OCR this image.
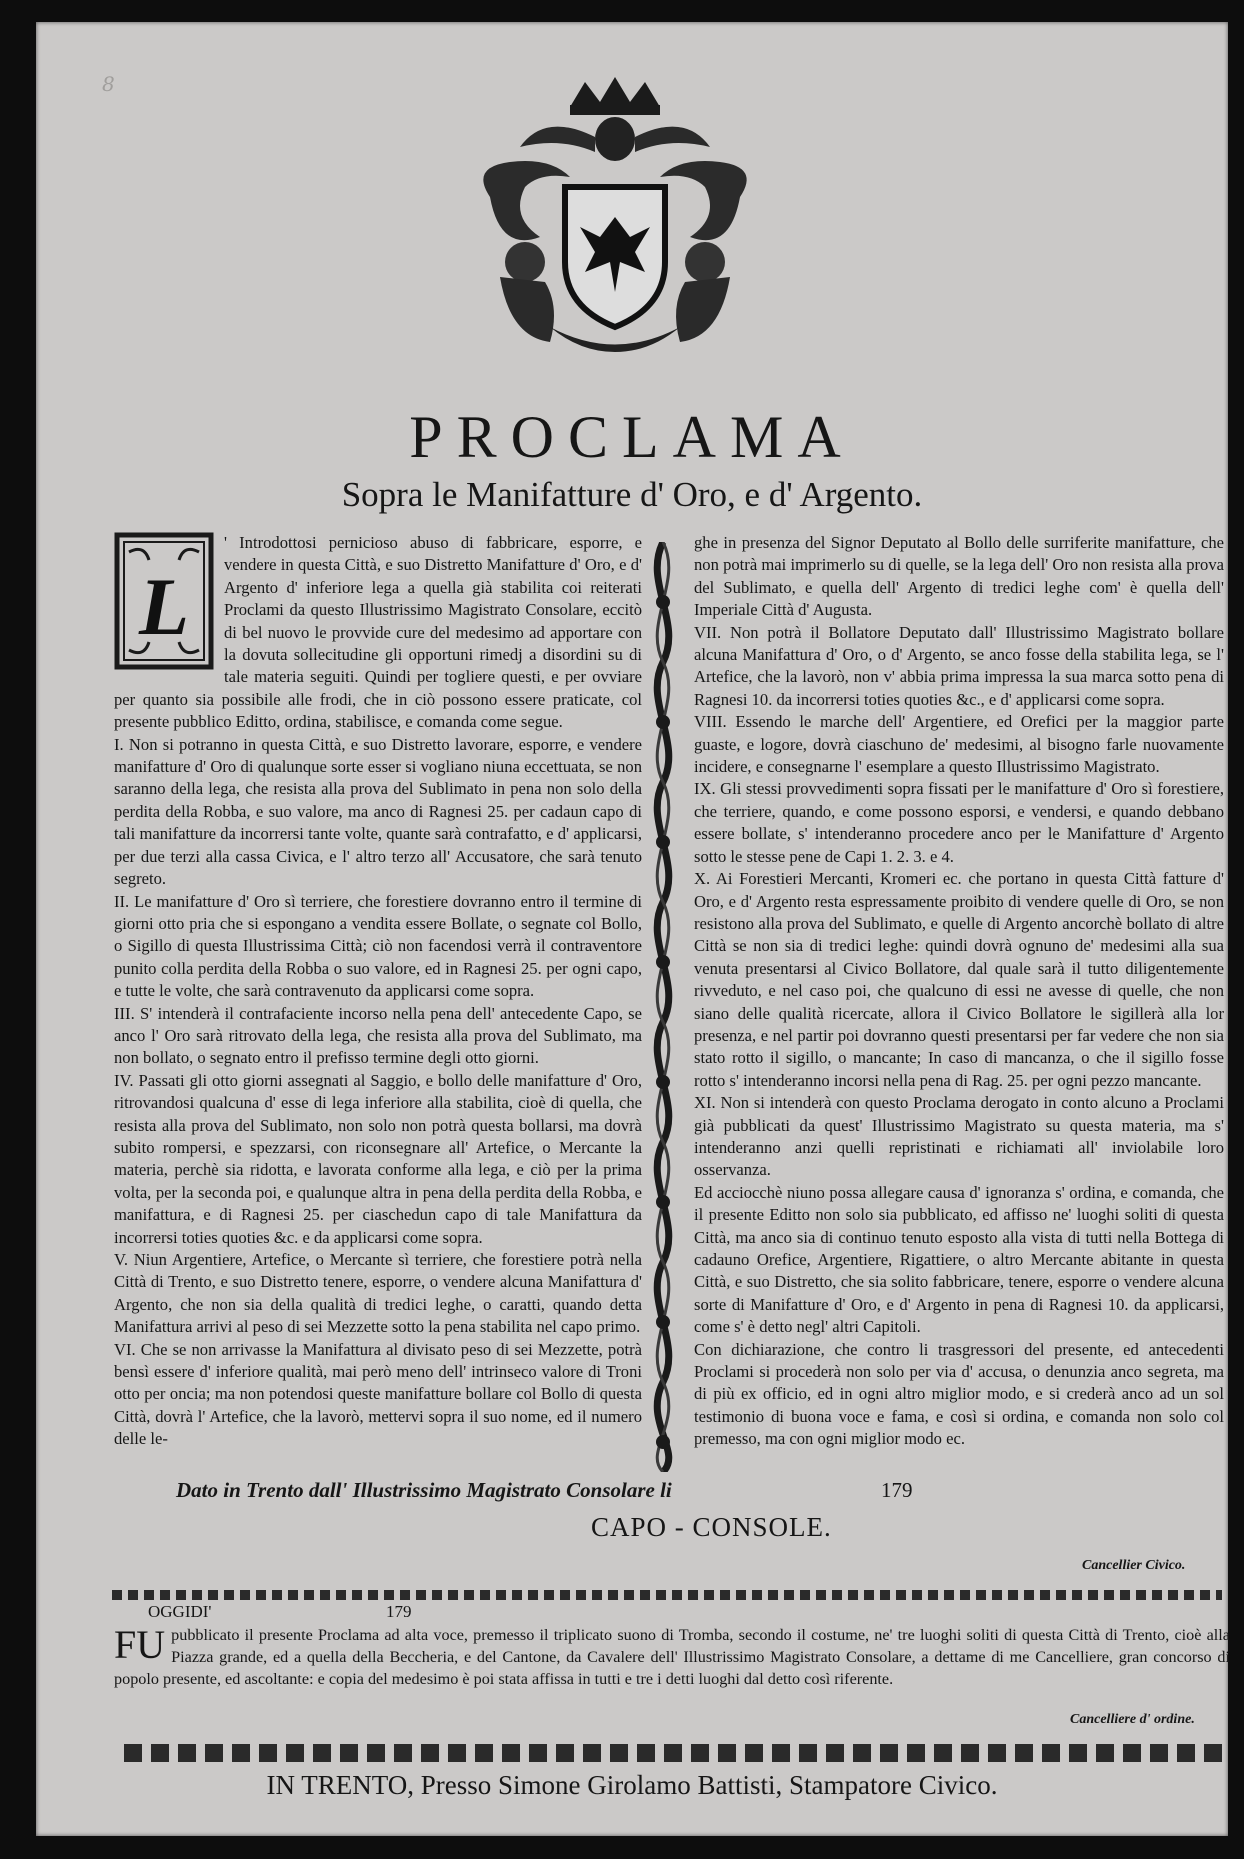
8
PROCLAMA
Sopra le Manifatture d' Oro, e d' Argento.
L

' Introdottosi pernicioso abuso di fabbricare, esporre, e vendere in questa Città, e suo Distretto Manifatture d' Oro, e d' Argento d' inferiore lega a quella già stabilita coi reiterati Proclami da questo Illustrissimo Magistrato Consolare, eccitò di bel nuovo le provvide cure del medesimo ad apportare con la dovuta sollecitudine gli opportuni rimedj a disordini su di tale materia seguiti. Quindi per togliere questi, e per ovviare per quanto sia possibile alle frodi, che in ciò possono essere praticate, col presente pubblico Editto, ordina, stabilisce, e comanda come segue.

I. Non si potranno in questa Città, e suo Distretto lavorare, esporre, e vendere manifatture d' Oro di qualunque sorte esser si vogliano niuna eccettuata, se non saranno della lega, che resista alla prova del Sublimato in pena non solo della perdita della Robba, e suo valore, ma anco di Ragnesi 25. per cadaun capo di tali manifatture da incorrersi tante volte, quante sarà contrafatto, e d' applicarsi, per due terzi alla cassa Civica, e l' altro terzo all' Accusatore, che sarà tenuto segreto.

II. Le manifatture d' Oro sì terriere, che forestiere dovranno entro il termine di giorni otto pria che si espongano a vendita essere Bollate, o segnate col Bollo, o Sigillo di questa Illustrissima Città; ciò non facendosi verrà il contraventore punito colla perdita della Robba o suo valore, ed in Ragnesi 25. per ogni capo, e tutte le volte, che sarà contravenuto da applicarsi come sopra.

III. S' intenderà il contrafaciente incorso nella pena dell' antecedente Capo, se anco l' Oro sarà ritrovato della lega, che resista alla prova del Sublimato, ma non bollato, o segnato entro il prefisso termine degli otto giorni.

IV. Passati gli otto giorni assegnati al Saggio, e bollo delle manifatture d' Oro, ritrovandosi qualcuna d' esse di lega inferiore alla stabilita, cioè di quella, che resista alla prova del Sublimato, non solo non potrà questa bollarsi, ma dovrà subito rompersi, e spezzarsi, con riconsegnare all' Artefice, o Mercante la materia, perchè sia ridotta, e lavorata conforme alla lega, e ciò per la prima volta, per la seconda poi, e qualunque altra in pena della perdita della Robba, e manifattura, e di Ragnesi 25. per ciaschedun capo di tale Manifattura da incorrersi toties quoties &c. e da applicarsi come sopra.

V. Niun Argentiere, Artefice, o Mercante sì terriere, che forestiere potrà nella Città di Trento, e suo Distretto tenere, esporre, o vendere alcuna Manifattura d' Argento, che non sia della qualità di tredici leghe, o caratti, quando detta Manifattura arrivi al peso di sei Mezzette sotto la pena stabilita nel capo primo.

VI. Che se non arrivasse la Manifattura al divisato peso di sei Mezzette, potrà bensì essere d' inferiore qualità, mai però meno dell' intrinseco valore di Troni otto per oncia; ma non potendosi queste manifatture bollare col Bollo di questa Città, dovrà l' Artefice, che la lavorò, mettervi sopra il suo nome, ed il numero delle le-

ghe in presenza del Signor Deputato al Bollo delle surriferite manifatture, che non potrà mai imprimerlo su di quelle, se la lega dell' Oro non resista alla prova del Sublimato, e quella dell' Argento di tredici leghe com' è quella dell' Imperiale Città d' Augusta.

VII. Non potrà il Bollatore Deputato dall' Illustrissimo Magistrato bollare alcuna Manifattura d' Oro, o d' Argento, se anco fosse della stabilita lega, se l' Artefice, che la lavorò, non v' abbia prima impressa la sua marca sotto pena di Ragnesi 10. da incorrersi toties quoties &c., e d' applicarsi come sopra.

VIII. Essendo le marche dell' Argentiere, ed Orefici per la maggior parte guaste, e logore, dovrà ciaschuno de' medesimi, al bisogno farle nuovamente incidere, e consegnarne l' esemplare a questo Illustrissimo Magistrato.

IX. Gli stessi provvedimenti sopra fissati per le manifatture d' Oro sì forestiere, che terriere, quando, e come possono esporsi, e vendersi, e quando debbano essere bollate, s' intenderanno procedere anco per le Manifatture d' Argento sotto le stesse pene de Capi 1. 2. 3. e 4.

X. Ai Forestieri Mercanti, Kromeri ec. che portano in questa Città fatture d' Oro, e d' Argento resta espressamente proibito di vendere quelle di Oro, se non resistono alla prova del Sublimato, e quelle di Argento ancorchè bollato di altre Città se non sia di tredici leghe: quindi dovrà ognuno de' medesimi alla sua venuta presentarsi al Civico Bollatore, dal quale sarà il tutto diligentemente rivveduto, e nel caso poi, che qualcuno di essi ne avesse di quelle, che non siano delle qualità ricercate, allora il Civico Bollatore le sigillerà alla lor presenza, e nel partir poi dovranno questi presentarsi per far vedere che non sia stato rotto il sigillo, o mancante; In caso di mancanza, o che il sigillo fosse rotto s' intenderanno incorsi nella pena di Rag. 25. per ogni pezzo mancante.

XI. Non si intenderà con questo Proclama derogato in conto alcuno a Proclami già pubblicati da quest' Illustrissimo Magistrato su questa materia, ma s' intenderanno anzi quelli repristinati e richiamati all' inviolabile loro osservanza.

Ed acciocchè niuno possa allegare causa d' ignoranza s' ordina, e comanda, che il presente Editto non solo sia pubblicato, ed affisso ne' luoghi soliti di questa Città, ma anco sia di continuo tenuto esposto alla vista di tutti nella Bottega di cadauno Orefice, Argentiere, Rigattiere, o altro Mercante abitante in questa Città, e suo Distretto, che sia solito fabbricare, tenere, esporre o vendere alcuna sorte di Manifatture d' Oro, e d' Argento in pena di Ragnesi 10. da applicarsi, come s' è detto negl' altri Capitoli.

Con dichiarazione, che contro li trasgressori del presente, ed antecedenti Proclami si procederà non solo per via d' accusa, o denunzia anco segreta, ma di più ex officio, ed in ogni altro miglior modo, e si crederà anco ad un sol testimonio di buona voce e fama, e così si ordina, e comanda non solo col premesso, ma con ogni miglior modo ec.

Dato in Trento dall' Illustrissimo Magistrato Consolare li	179
CAPO - CONSOLE.
Cancellier Civico.
OGGIDI'	179
FU pubblicato il presente Proclama ad alta voce, premesso il triplicato suono di Tromba, secondo il costume, ne' tre luoghi soliti di questa Città di Trento, cioè alla Piazza grande, ed a quella della Beccheria, e del Cantone, da Cavalere dell' Illustrissimo Magistrato Consolare, a dettame di me Cancelliere, gran concorso di popolo presente, ed ascoltante: e copia del medesimo è poi stata affissa in tutti e tre i detti luoghi dal detto così riferente.
Cancelliere d' ordine.
IN TRENTO, Presso Simone Girolamo Battisti, Stampatore Civico.
